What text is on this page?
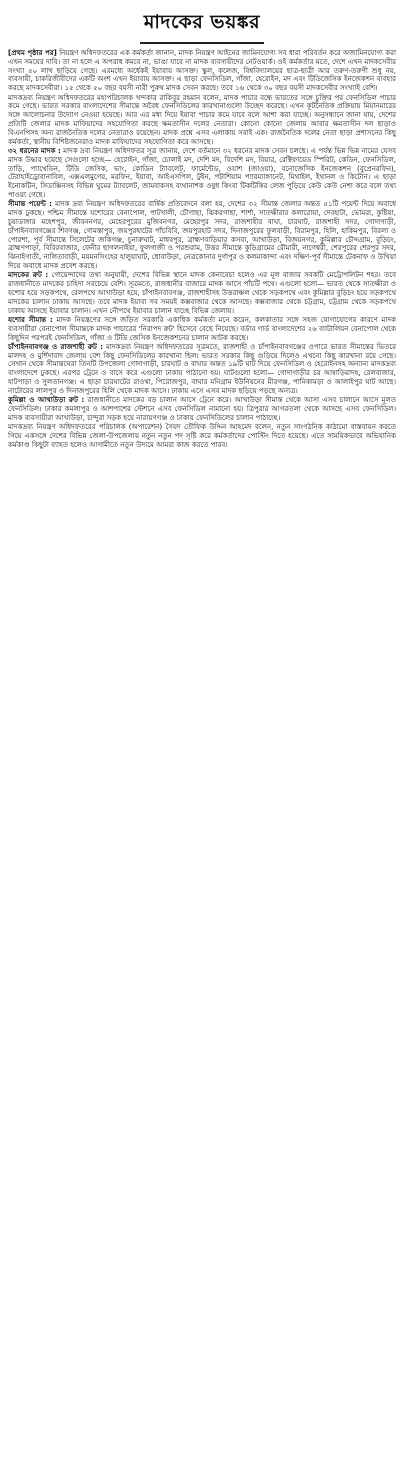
মাদকের ভয়ঙ্কর

[প্রথম পৃষ্ঠার পর] নিয়ন্ত্রণ অধিদফতরের এক কর্মকর্তা জানান, মাদক নিয়ন্ত্রণ আইনের জামিনযোগ্য সব ধারা পরিবর্তন করে অজামিনযোগ্য করা এখন সময়ের দাবি। তা না হলে এ অপরাধ কমবে না, ভাঙা যাবে না মাদক ব্যবসায়ীদের নেটওয়ার্ক। ওই কর্মকর্তার মতে, দেশে এখন মাদকসেবীর সংখ্যা ৫০ লাখ ছাড়িয়ে গেছে। এরমধ্যে অর্ধেকই ইয়াবায় আসক্ত। স্কুল, কলেজ, বিশ্ববিদ্যালয়ের ছাত্র-ছাত্রী আর তরুণ-তরুণী শুধু নয়, ব্যবসায়ী, চাকরিজীবীদের একটি অংশ এখন ইয়াবায় আসক্ত। এ ছাড়া ফেনসিডিল, গাঁজা, হেরোইন, মদ এবং টিডিজেসিক ইনজেকশন ব্যবহার করছে মাদকসেবীরা। ১৫ থেকে ৫০ বছর বয়সী নারী পুরুষ মাদক সেবন করছে। তবে ১৬ থেকে ৩০ বছর বয়সী মাদকসেবীর সংখ্যাই বেশি।

মাদকদ্রব্য নিয়ন্ত্রণ অধিদফতরের মহাপরিচালক খন্দকার রাকিবুর রহমান বলেন, মাদক পাচার বন্ধে ভারতের সঙ্গে চুক্তির পর ফেনসিডিল পাচার কমে গেছে। ভারত সরকার বাংলাদেশের সীমান্তে অবৈধ ফেনসিডিলের কারখানাগুলো উচ্ছেদ করেছে। এখন কূটনৈতিক প্রক্রিয়ায় মিয়ানমারের সঙ্গে আলোচনার উদ্যোগ নেওয়া হয়েছে। আর এর মধ্য দিয়ে ইয়াবা পাচার কমে যাবে বলে আশা করা যাচ্ছে। অনুসন্ধানে জানা যায়, দেশের প্রতিটি জেলার মাদক মাফিয়াদের সহযোগিতা করছে ক্ষমতাসীন দলের নেতারা। কোনো কোনো জেলায় আবার ক্ষমতাসীন দল ছাড়াও বিএনপিসহ অন্য রাজনৈতিক দলের নেতারাও রয়েছেন। মাদক প্রশ্নে এসব এলাকায় সবাই এক। রাজনৈতিক দলের নেতা ছাড়া প্রশাসনের কিছু কর্মকর্তা, স্থানীয় বিশিষ্টজনেরাও মাদক মাফিয়াদের সহযোগিতা করে আসছে।

৩২ ধরনের মাদক : মাদক দ্রব্য নিয়ন্ত্রণ অধিদফতর সূত্র জানায়, দেশে বর্তমানে ৩২ ধরনের মাদক সেবন চলছে। এ পর্যন্ত ভিন্ন ভিন্ন নামের যেসব মাদক উদ্ধার হয়েছে সেগুলো হচ্ছে— হেরোইন, গাঁজা, চোলাই মদ, দেশি মদ, বিদেশি মদ, বিয়ার, রেক্টিফায়েড স্পিরিট, কেডিন, ফেনসিডিল, তাড়ি, প্যাথেডিন, টিডি জেসিক, ভাং, কোডিন ট্যাবলেট, ফার্মেন্টেড, ওয়াশ (জাওয়া), বনোজেসিক ইনজেকশন (বুপ্রেনরফিন), টেরাহাইড্রোবানাবিল, এক্সএলমুগের, মরফিন, ইয়াবা, আইএসপিল, টুইন, পটাশিয়াম প্যারম্যাঙ্গানেট, মিথাইল, ইথানল ও কিটোন। এ ছাড়া ইনোকটিন, সিডাক্সিনসহ বিভিন্ন ঘুমের ট্যাবলেট, জামবাকসহ ব্যথানাশক ওষুধ কিংবা টিকটিকির লেজ পুড়িয়ে কেউ কেউ নেশা করে বলে তথ্য পাওয়া গেছে।

সীমান্ত পয়েন্ট : মাদক দ্রব্য নিয়ন্ত্রণ অধিদফতরের বার্ষিক প্রতিবেদনে বলা হয়, দেশের ৩২ সীমান্ত জেলার অন্তত ৫১টি পয়েন্ট দিয়ে অবাধে মাদক ঢুকছে। পশ্চিম সীমান্তে যশোরের বেনাপোল, পাটখালী, চৌগাছা, ঝিকরগাছা, শার্শা, সাতক্ষীরার কলারোয়া, দেবহাটা, ভোমরা, কুষ্টিয়া, চুয়াডাঙ্গার মহেশপুর, জীবননগর, মেহেরপুরের মুজিবনগর, মেহেরপুর সদর, রাজশাহীর বাঘা, চারঘাট, রাজশাহী সদর, গোদাগাড়ী, চাঁপাইনবাবগঞ্জের শিবগঞ্জ, গোমস্তাপুর, জয়পুরহাটের পাঁচবিবি, জয়পুরহাট সদর, দিনাজপুরের ফুলবাড়ী, বিরামপুর, হিলি, হাকিমপুর, বিরলা ও পোরশা, পূর্ব সীমান্তে সিলেটের জকিগঞ্জ, চুনারুঘাট, মাধবপুর, ব্রাহ্মণবাড়িয়ার কসবা, আখাউড়া, বিজয়নগর, কুমিল্লার চৌদ্দগ্রাম, বুড়িচং, ব্রাহ্মণপাড়া, বিবিরবাজার, ফেনীর ছাগলনাইয়া, ফুলগাজী ও পরশুরাম, উত্তর সীমান্তে কুড়িগ্রামের রৌমারী, নাগেশ্বরী, শেরপুরের শেরপুর সদর, ঝিনাইগাতী, নালিতাবাড়ী, ময়মনসিংহের হালুয়াঘাট, ধোবাউড়া, নেত্রকোনার দুর্গাপুর ও কলমাকান্দা এবং দক্ষিণ-পূর্ব সীমান্তে টেকনাফ ও উখিয়া দিয়ে অবাধে মাদক প্রবেশ করছে।

মাদকের রুট : গোয়েন্দাদের তথ্য অনুযায়ী, দেশের বিভিন্ন স্থানে মাদক কেনাবেচা হলেও এর মূল বাজার সবকটি মেট্রোপলিটন শহর। তবে রাজধানীতে মাদকের চাহিদা সবচেয়ে বেশি। সূত্রমতে, রাজধানীর বাজারে মাদক আসে পাঁচটি পথে। এগুলো হলো— ভারত থেকে সাতক্ষীরা ও যশোর হয়ে সড়কপথে, রেলপথে আখাউড়া হয়ে, চাঁপাইনবাবগঞ্জ, রাজশাহীসহ উত্তরাঞ্চল থেকে সড়কপথে এবং কুমিল্লার বুড়িচং হয়ে সড়কপথে মাদকের চালান ঢাকায় আসছে। তবে মাদক ইয়াবা সব সময়ই কক্সবাজার থেকে আসছে। কক্সবাজার থেকে চট্টগ্রাম, চট্টগ্রাম থেকে সড়কপথে ঢাকায় আসছে ইয়াবার চালান। এখন নৌপথে ইয়াবার চালান যাচ্ছে বিভিন্ন জেলায়।

যশোর সীমান্ত : মাদক নিয়ন্ত্রণের সঙ্গে জড়িত সরকারি একাধিক কর্মকর্তা মনে করেন, কলকাতার সঙ্গে সহজ যোগাযোগের কারণে মাদক ব্যবসায়ীরা বেনাপোল সীমান্তকে মাদক পাচারের 'নিরাপদ রুট' হিসেবে বেছে নিয়েছে। বর্ডার গার্ড বাংলাদেশের ২৬ ব্যাটালিয়ন বেনাপোল থেকে কিছুদিন পরপরই ফেনসিডিল, গাঁজা ও টিডি জেসিক ইনজেকশনের চালান আটক করছে।

চাঁপাইনবাবগঞ্জ ও রাজশাহী রুট : মাদকদ্রব্য নিয়ন্ত্রণ অধিদফতরের সূত্রমতে, রাজশাহী ও চাঁপাইনবাবগঞ্জের ওপারে ভারত সীমান্তের ভিতরে মালদহ ও মুর্শিদাবাদ জেলায় বেশ কিছু ফেনসিডিলের কারখানা ছিল। ভারত সরকার কিছু গুড়িয়ে দিলেও এখনো কিছু কারখানা রয়ে গেছে। সেখান থেকে সীমান্তঘেরা তিনটি উপজেলা গোদাগাড়ী, চারঘাট ও বাঘার অন্তত ১৯টি ঘাট দিয়ে ফেনসিডিল ও হেরোইনসহ অন্যান্য মাদকদ্রব্য বাংলাদেশে ঢুকছে। এরপর ট্রেনে ও বাসে করে এগুলো ঢাকায় পাঠানো হয়। ঘাটগুলো হলো— গোদাগাড়ীর চর আষাড়িয়াদহ, রেলবাজার, হাটপাড়া ও সুলতানগঞ্জ। এ ছাড়া চারঘাটের রাওথা, পিরোজপুর, বাঘার মনিগ্রাম ইউনিয়নের মীরগঞ্জ, পানিকামড়া ও আলাইপুর ঘাট আছে। নাটোরের লালপুর ও দিনাজপুরের হিলি থেকে মাদক আসে। ঢাকায় এসে এসব মাদক ছড়িয়ে পড়ছে অন্যত্র।

কুমিল্লা ও আখাউড়া রুট : রাজধানীতে মাদকের বড় চালান আসে ট্রেনে করে। আখাউড়া সীমান্ত থেকে আসা এসব চালানে আসে মূলত ফেনসিডিল। ঢাকার কমলাপুর ও আশপাশের স্টেশনে এসব ফেনসিডিল নামানো হয়। ত্রিপুরার আগরতলা থেকে আসছে এসব ফেনসিডিল। মাদক ব্যবসায়ীরা আখাউড়া, চান্দুরা সড়ক হয়ে নারায়ণগঞ্জ ও ঢাকায় ফেনসিডিলের চালান পাঠাচ্ছে।

মাদকদ্রব্য নিয়ন্ত্রণ অধিদফতরের পরিচালক (অপারেশন) সৈয়দ তৌফিক উদ্দিন আহমেদ বলেন, নতুন সাংগঠনিক কাঠামো বাস্তবায়ন করতে গিয়ে একসঙ্গে দেশের বিভিন্ন জেলা-উপজেলায় নতুন নতুন পদ সৃষ্টি করে কর্মকর্তাদের পোস্টিং দিতে হয়েছে। এতে সাময়িকভাবে অভিযানিক কর্মকাণ্ড কিছুটা ব্যাহত হলেও আগামীতে নতুন উদ্যমে আমরা কাজ করতে পারব।
